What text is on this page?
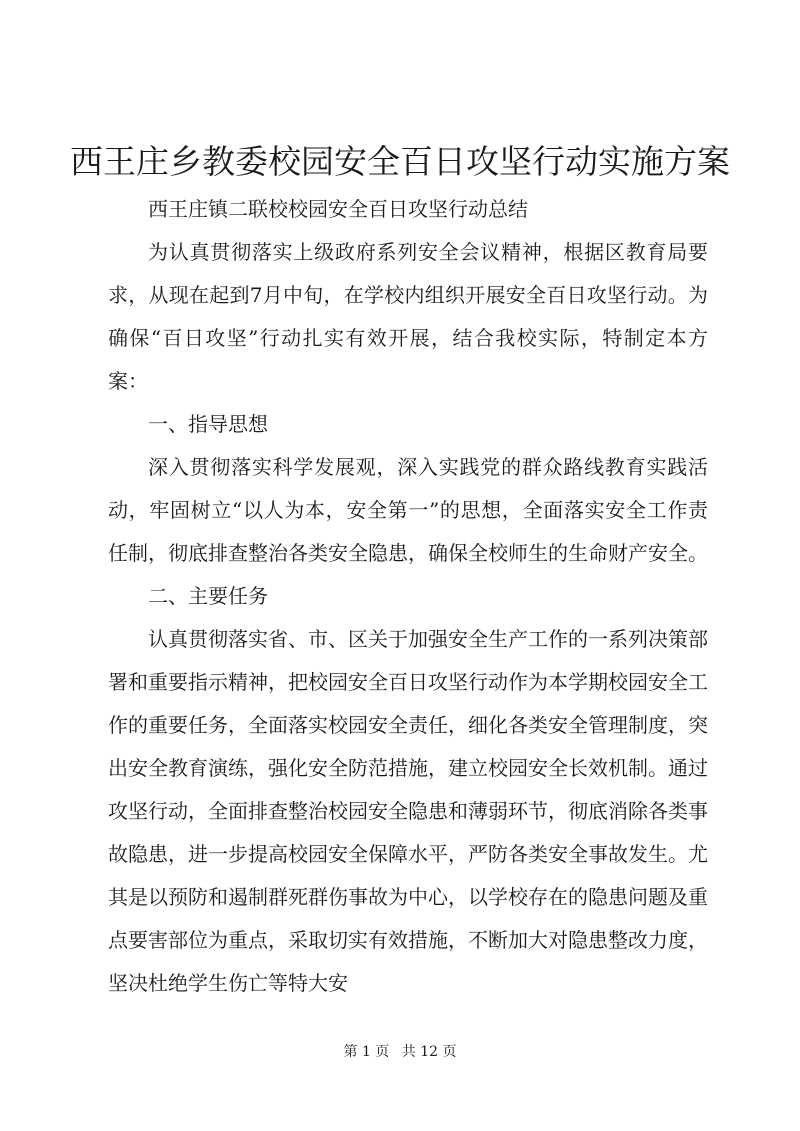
西王庄乡教委校园安全百日攻坚行动实施方案

西王庄镇二联校校园安全百日攻坚行动总结

为认真贯彻落实上级政府系列安全会议精神，根据区教育局要求，从现在起到7月中旬，在学校内组织开展安全百日攻坚行动。为确保“百日攻坚”行动扎实有效开展，结合我校实际，特制定本方案：

一、指导思想

深入贯彻落实科学发展观，深入实践党的群众路线教育实践活动，牢固树立“以人为本，安全第一”的思想，全面落实安全工作责任制，彻底排查整治各类安全隐患，确保全校师生的生命财产安全。

二、主要任务

认真贯彻落实省、市、区关于加强安全生产工作的一系列决策部署和重要指示精神，把校园安全百日攻坚行动作为本学期校园安全工作的重要任务，全面落实校园安全责任，细化各类安全管理制度，突出安全教育演练，强化安全防范措施，建立校园安全长效机制。通过攻坚行动，全面排查整治校园安全隐患和薄弱环节，彻底消除各类事故隐患，进一步提高校园安全保障水平，严防各类安全事故发生。尤其是以预防和遏制群死群伤事故为中心，以学校存在的隐患问题及重点要害部位为重点，采取切实有效措施，不断加大对隐患整改力度，坚决杜绝学生伤亡等特大安

第 1 页 共 12 页
